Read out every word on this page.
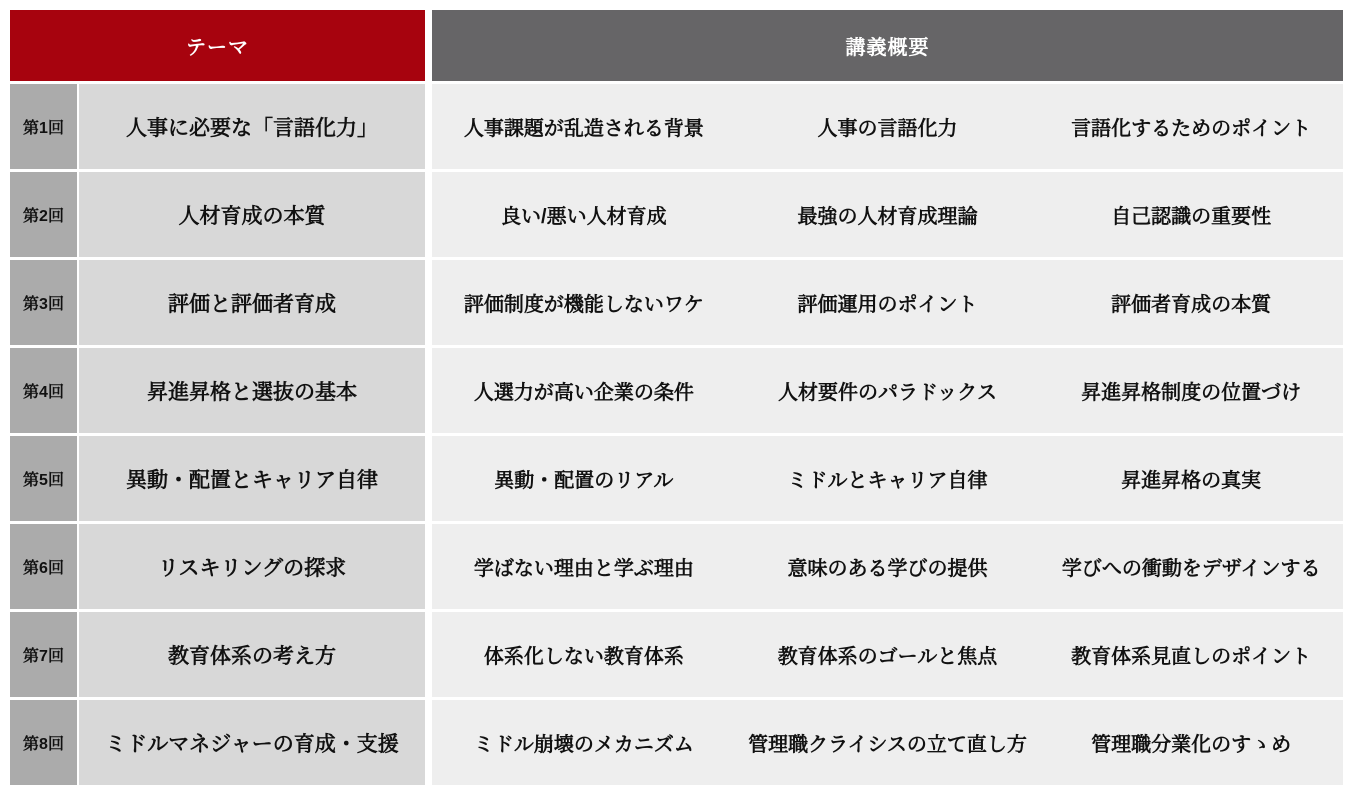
テーマ	講義概要
第1回	人事に必要な「言語化力」	人事課題が乱造される背景	人事の言語化力	言語化するためのポイント
第2回	人材育成の本質	良い/悪い人材育成	最強の人材育成理論	自己認識の重要性
第3回	評価と評価者育成	評価制度が機能しないワケ	評価運用のポイント	評価者育成の本質
第4回	昇進昇格と選抜の基本	人選力が高い企業の条件	人材要件のパラドックス	昇進昇格制度の位置づけ
第5回	異動・配置とキャリア自律	異動・配置のリアル	ミドルとキャリア自律	昇進昇格の真実
第6回	リスキリングの探求	学ばない理由と学ぶ理由	意味のある学びの提供	学びへの衝動をデザインする
第7回	教育体系の考え方	体系化しない教育体系	教育体系のゴールと焦点	教育体系見直しのポイント
第8回	ミドルマネジャーの育成・支援	ミドル崩壊のメカニズム	管理職クライシスの立て直し方	管理職分業化のすゝめ
